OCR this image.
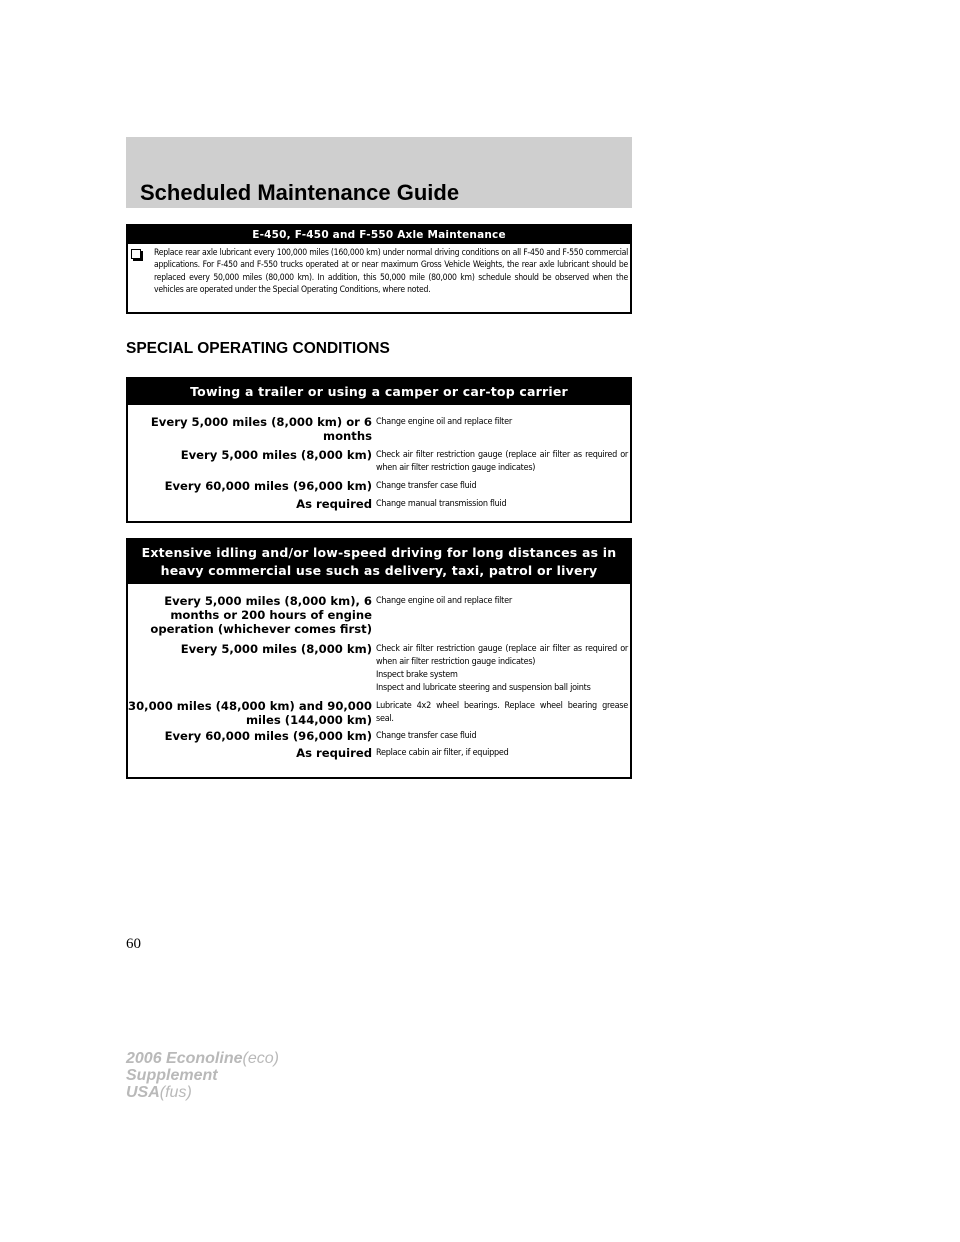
Scheduled Maintenance Guide
E-450, F-450 and F-550 Axle Maintenance
Replace rear axle lubricant every 100,000 miles (160,000 km) under normal driving conditions on all F-450 and F-550 commercial applications. For F-450 and F-550 trucks operated at or near maximum Gross Vehicle Weights, the rear axle lubricant should be replaced every 50,000 miles (80,000 km). In addition, this 50,000 mile (80,000 km) schedule should be observed when the vehicles are operated under the Special Operating Conditions, where noted.
SPECIAL OPERATING CONDITIONS
Towing a trailer or using a camper or car-top carrier
Every 5,000 miles (8,000 km) or 6 months
Change engine oil and replace filter
Every 5,000 miles (8,000 km) Check air filter restriction gauge (replace air filter as required or when air filter restriction gauge indicates)
Every 60,000 miles (96,000 km) Change transfer case fluid
As required Change manual transmission fluid
Extensive idling and/or low-speed driving for long distances as in heavy commercial use such as delivery, taxi, patrol or livery
Every 5,000 miles (8,000 km), 6 months or 200 hours of engine operation (whichever comes first)
Change engine oil and replace filter
Every 5,000 miles (8,000 km) Check air filter restriction gauge (replace air filter as required or when air filter restriction gauge indicates)
Inspect brake system
Inspect and lubricate steering and suspension ball joints
30,000 miles (48,000 km) and 90,000 miles (144,000 km)
Lubricate 4x2 wheel bearings. Replace wheel bearing grease seal.
Every 60,000 miles (96,000 km) Change transfer case fluid
As required Replace cabin air filter, if equipped
60
2006 Econoline(eco)
Supplement
USA(fus)
